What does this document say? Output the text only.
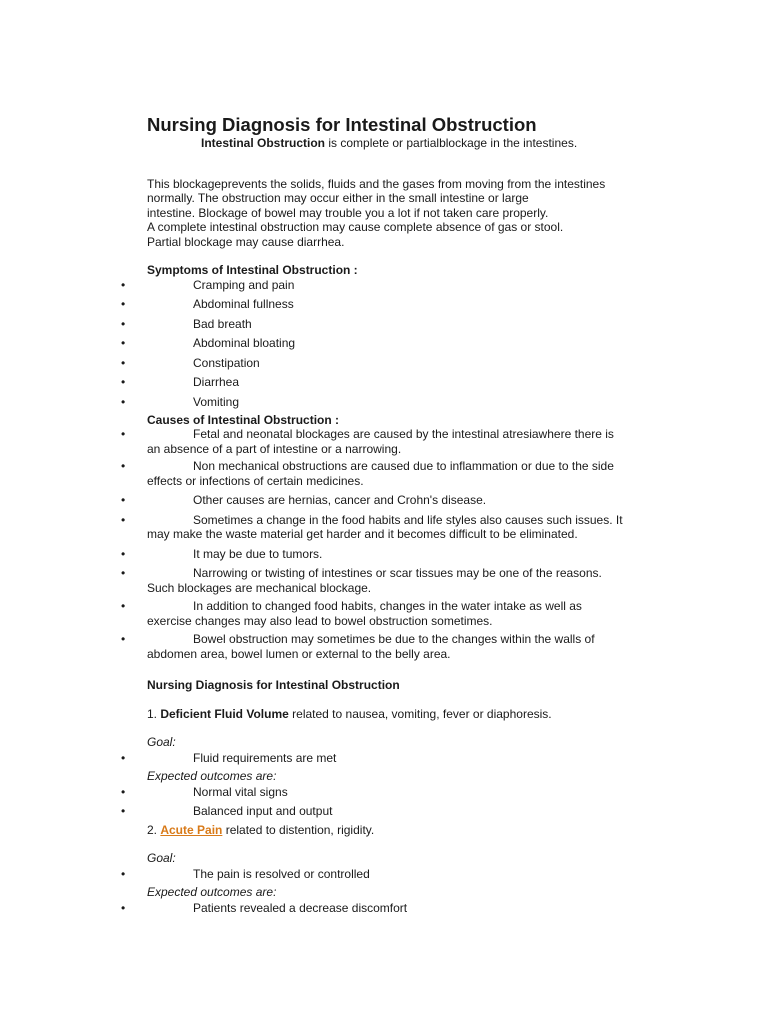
Nursing Diagnosis for Intestinal Obstruction

Intestinal Obstruction is complete or partialblockage in the intestines.

This blockageprevents the solids, fluids and the gases from moving from the intestines
normally. The obstruction may occur either in the small intestine or large
intestine. Blockage of bowel may trouble you a lot if not taken care properly.
A complete intestinal obstruction may cause complete absence of gas or stool.
Partial blockage may cause diarrhea.
Symptoms of Intestinal Obstruction :
•	Cramping and pain
•	Abdominal fullness
•	Bad breath
•	Abdominal bloating
•	Constipation
•	Diarrhea
•	Vomiting
Causes of Intestinal Obstruction :
•	Fetal and neonatal blockages are caused by the intestinal atresiawhere there is
an absence of a part of intestine or a narrowing.
•	Non mechanical obstructions are caused due to inflammation or due to the side
effects or infections of certain medicines.
•	Other causes are hernias, cancer and Crohn's disease.
•	Sometimes a change in the food habits and life styles also causes such issues. It
may make the waste material get harder and it becomes difficult to be eliminated.
•	It may be due to tumors.
•	Narrowing or twisting of intestines or scar tissues may be one of the reasons.
Such blockages are mechanical blockage.
•	In addition to changed food habits, changes in the water intake as well as
exercise changes may also lead to bowel obstruction sometimes.
•	Bowel obstruction may sometimes be due to the changes within the walls of
abdomen area, bowel lumen or external to the belly area.
Nursing Diagnosis for Intestinal Obstruction

1. Deficient Fluid Volume related to nausea, vomiting, fever or diaphoresis.

Goal:
•	Fluid requirements are met
Expected outcomes are:
•	Normal vital signs
•	Balanced input and output

2. Acute Pain related to distention, rigidity.

Goal:
•	The pain is resolved or controlled
Expected outcomes are:
•	Patients revealed a decrease discomfort
